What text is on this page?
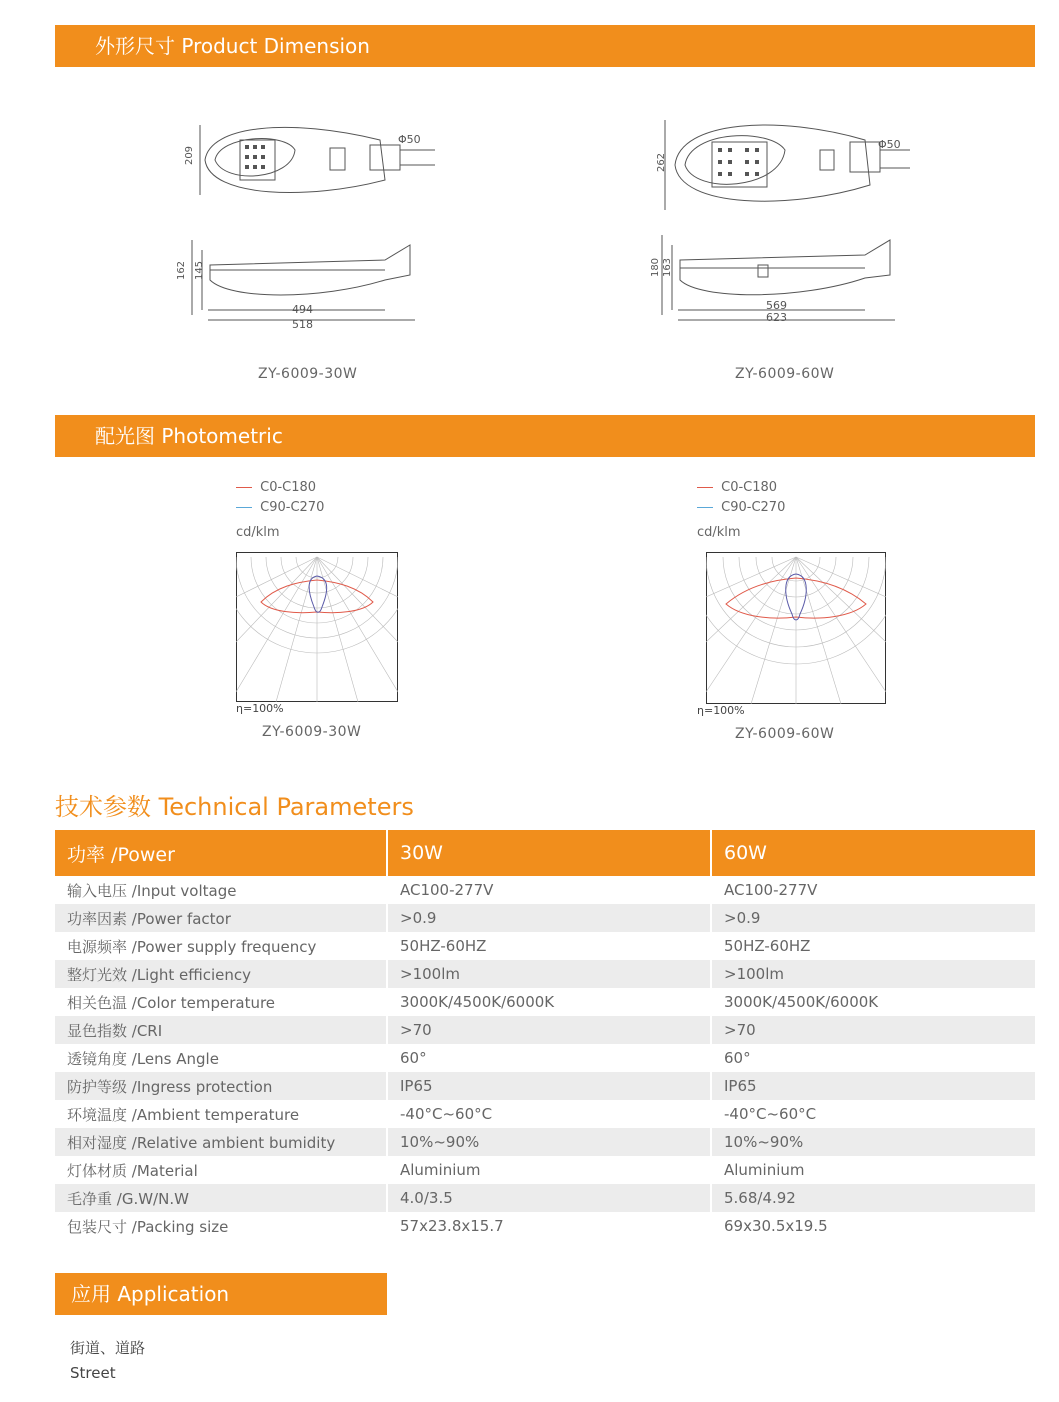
外形尺寸 Product Dimension
209
Φ50
162 145
494
518
ZY-6009-30W
262
Φ50
180 163
569
623
ZY-6009-60W
配光图 Photometric
C0-C180
C90-C270
cd/klm
η=100%
ZY-6009-30W
C0-C180
C90-C270
cd/klm
η=100%
ZY-6009-60W
技术参数 Technical Parameters
功率 /Power	30W	60W
输入电压 /Input voltage	AC100-277V	AC100-277V
功率因素 /Power factor	>0.9	>0.9
电源频率 /Power supply frequency	50HZ-60HZ	50HZ-60HZ
整灯光效 /Light efficiency	>100lm	>100lm
相关色温 /Color temperature	3000K/4500K/6000K	3000K/4500K/6000K
显色指数 /CRI	>70	>70
透镜角度 /Lens Angle	60°	60°
防护等级 /Ingress protection	IP65	IP65
环境温度 /Ambient temperature	-40°C~60°C	-40°C~60°C
相对湿度 /Relative ambient bumidity	10%~90%	10%~90%
灯体材质 /Material	Aluminium	Aluminium
毛净重 /G.W/N.W	4.0/3.5	5.68/4.92
包装尺寸 /Packing size	57x23.8x15.7	69x30.5x19.5
应用 Application
街道、道路
Street
